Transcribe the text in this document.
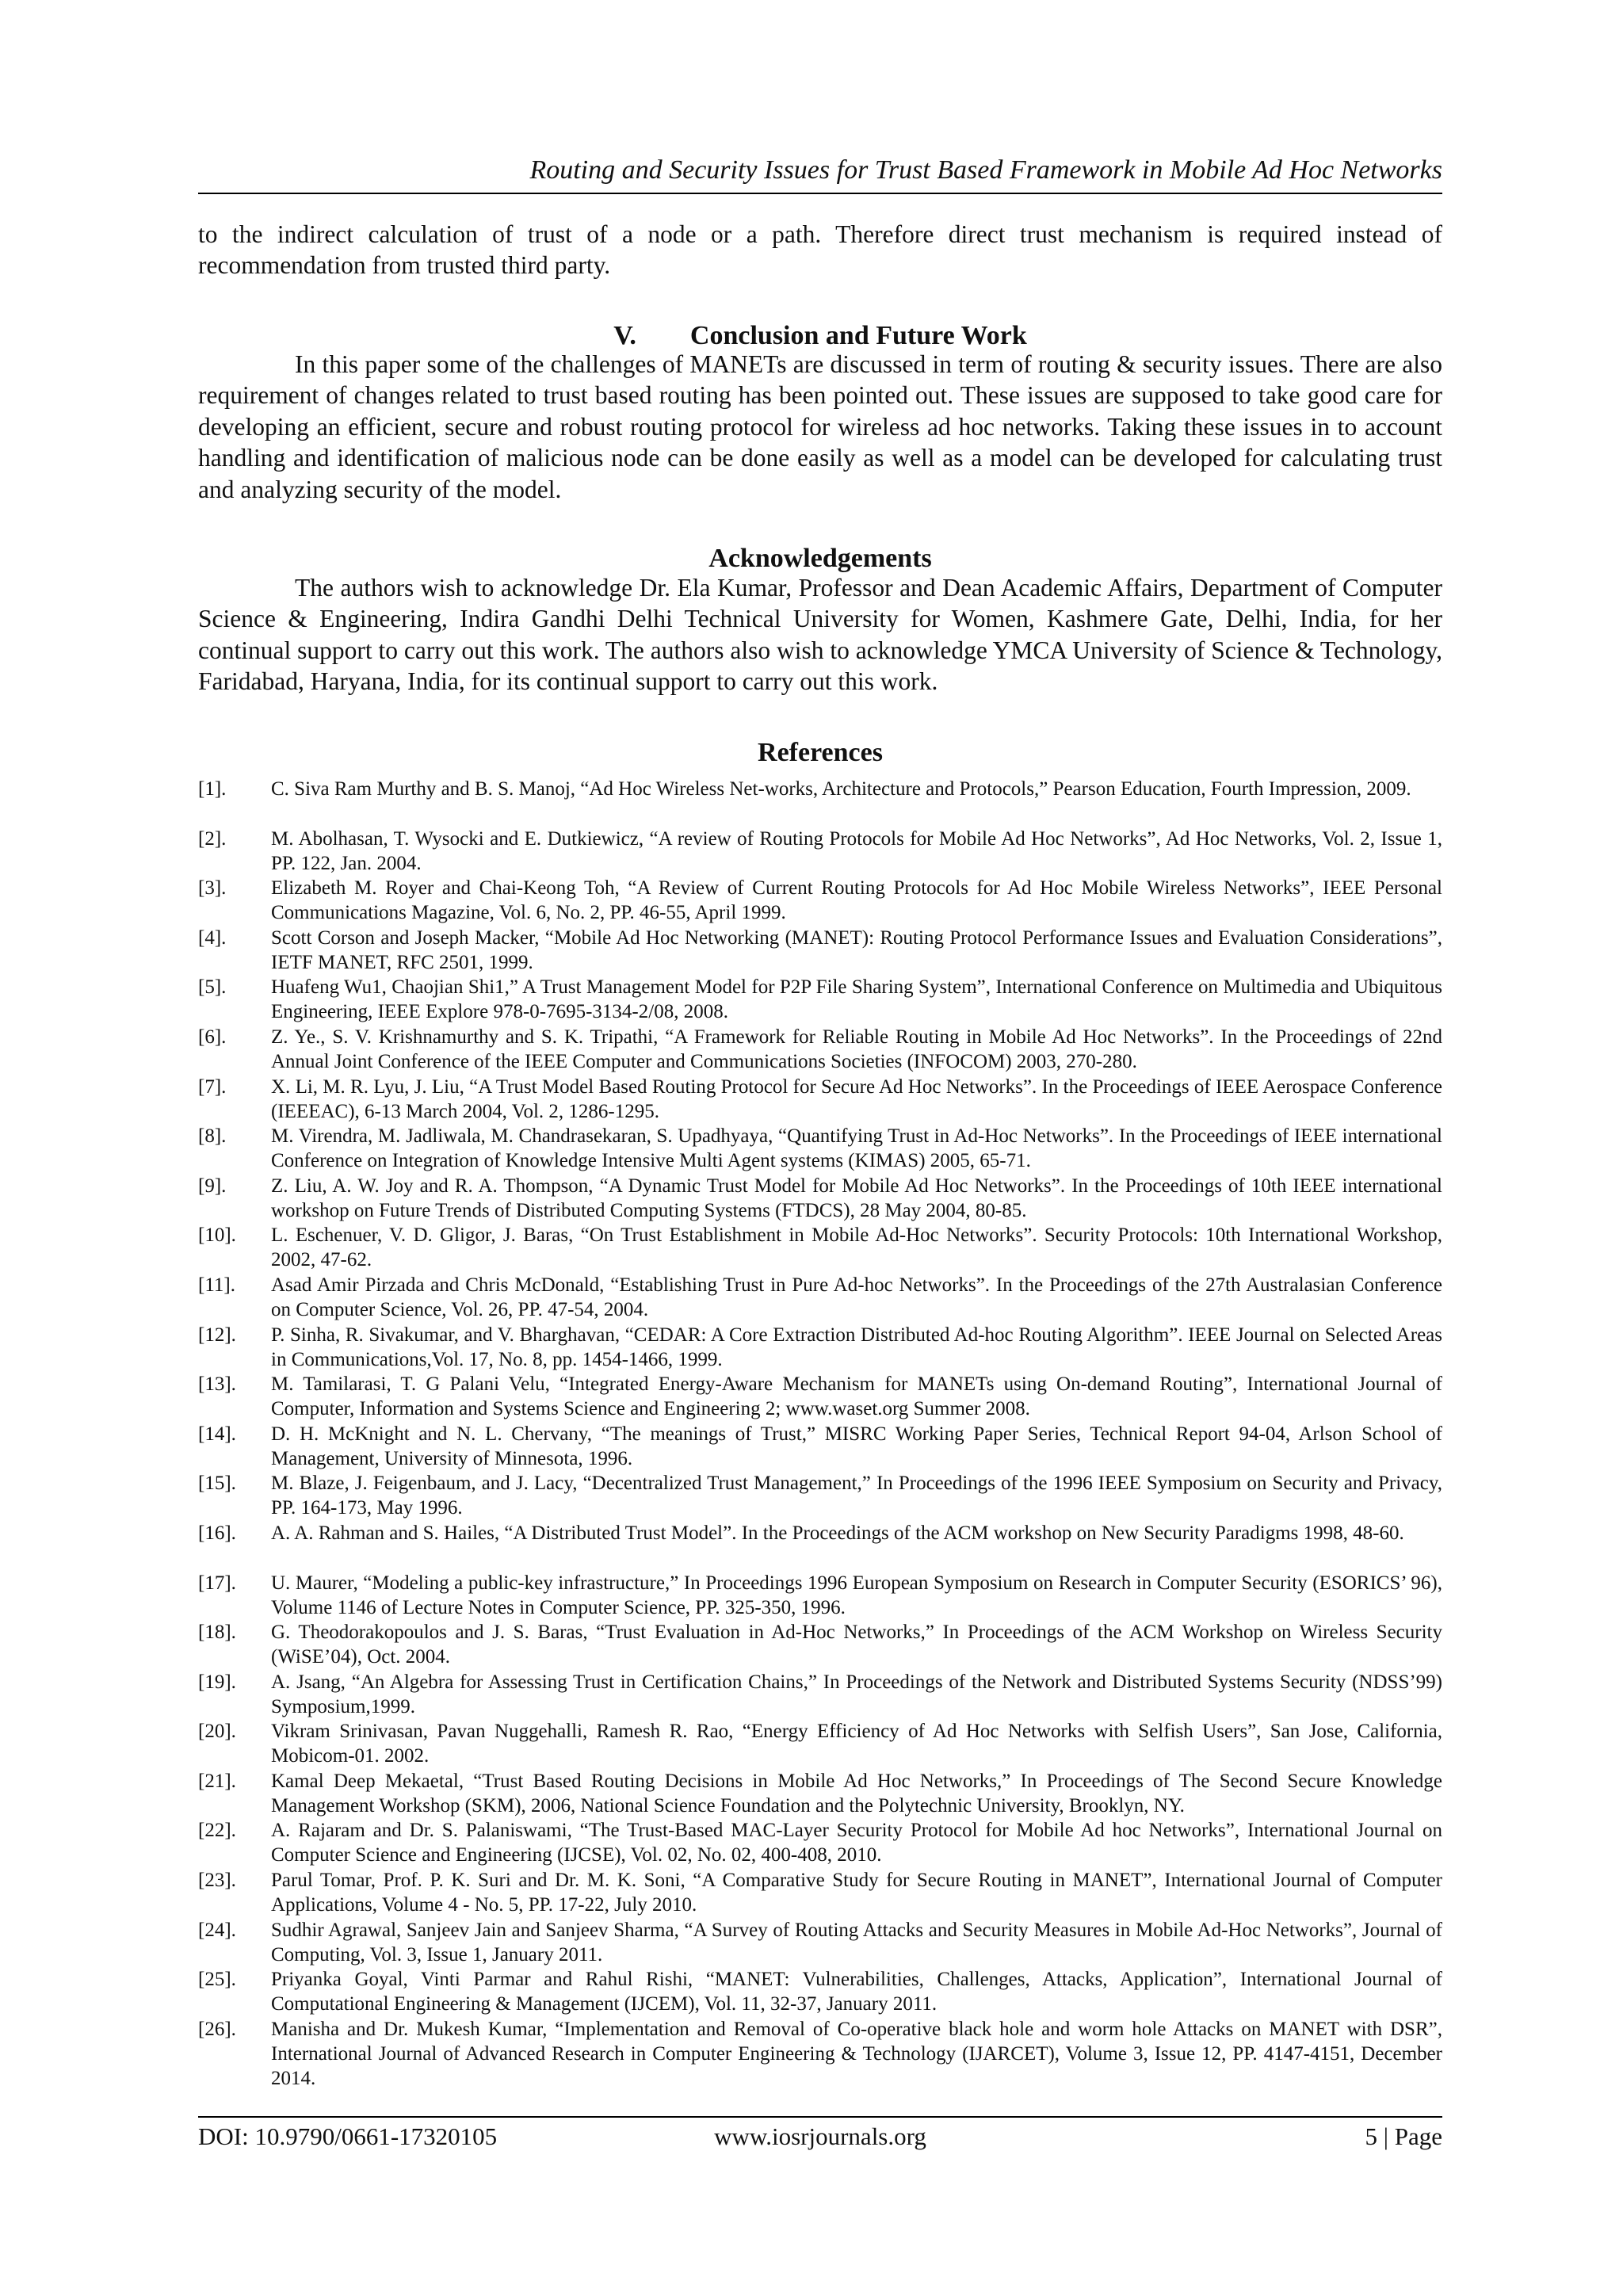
Routing and Security Issues for Trust Based Framework in Mobile Ad Hoc Networks

to the indirect calculation of trust of a node or a path. Therefore direct trust mechanism is required instead of recommendation from trusted third party.

V.  Conclusion and Future Work

In this paper some of the challenges of MANETs are discussed in term of routing & security issues. There are also requirement of changes related to trust based routing has been pointed out. These issues are supposed to take good care for developing an efficient, secure and robust routing protocol for wireless ad hoc networks. Taking these issues in to account handling and identification of malicious node can be done easily as well as a model can be developed for calculating trust and analyzing security of the model.

Acknowledgements

The authors wish to acknowledge Dr. Ela Kumar, Professor and Dean Academic Affairs, Department of Computer Science & Engineering, Indira Gandhi Delhi Technical University for Women, Kashmere Gate, Delhi, India, for her continual support to carry out this work. The authors also wish to acknowledge YMCA University of Science & Technology, Faridabad, Haryana, India, for its continual support to carry out this work.

References
[1].	C. Siva Ram Murthy and B. S. Manoj, “Ad Hoc Wireless Net-works, Architecture and Protocols,” Pearson Education, Fourth Impression, 2009.
[2].	M. Abolhasan, T. Wysocki and E. Dutkiewicz, “A review of Routing Protocols for Mobile Ad Hoc Networks”, Ad Hoc Networks, Vol. 2, Issue 1, PP. 122, Jan. 2004.
[3].	Elizabeth M. Royer and Chai-Keong Toh, “A Review of Current Routing Protocols for Ad Hoc Mobile Wireless Networks”, IEEE Personal Communications Magazine, Vol. 6, No. 2, PP. 46-55, April 1999.
[4].	Scott Corson and Joseph Macker, “Mobile Ad Hoc Networking (MANET): Routing Protocol Performance Issues and Evaluation Considerations”, IETF MANET, RFC 2501, 1999.
[5].	Huafeng Wu1, Chaojian Shi1,” A Trust Management Model for P2P File Sharing System”, International Conference on Multimedia and Ubiquitous Engineering, IEEE Explore 978-0-7695-3134-2/08, 2008.
[6].	Z. Ye., S. V. Krishnamurthy and S. K. Tripathi, “A Framework for Reliable Routing in Mobile Ad Hoc Networks”. In the Proceedings of 22nd Annual Joint Conference of the IEEE Computer and Communications Societies (INFOCOM) 2003, 270-280.
[7].	X. Li, M. R. Lyu, J. Liu, “A Trust Model Based Routing Protocol for Secure Ad Hoc Networks”. In the Proceedings of IEEE Aerospace Conference (IEEEAC), 6-13 March 2004, Vol. 2, 1286-1295.
[8].	M. Virendra, M. Jadliwala, M. Chandrasekaran, S. Upadhyaya, “Quantifying Trust in Ad-Hoc Networks”. In the Proceedings of IEEE international Conference on Integration of Knowledge Intensive Multi Agent systems (KIMAS) 2005, 65-71.
[9].	Z. Liu, A. W. Joy and R. A. Thompson, “A Dynamic Trust Model for Mobile Ad Hoc Networks”. In the Proceedings of 10th IEEE international workshop on Future Trends of Distributed Computing Systems (FTDCS), 28 May 2004, 80-85.
[10].	L. Eschenuer, V. D. Gligor, J. Baras, “On Trust Establishment in Mobile Ad-Hoc Networks”. Security Protocols: 10th International Workshop, 2002, 47-62.
[11].	Asad Amir Pirzada and Chris McDonald, “Establishing Trust in Pure Ad-hoc Networks”. In the Proceedings of the 27th Australasian Conference on Computer Science, Vol. 26, PP. 47-54, 2004.
[12].	P. Sinha, R. Sivakumar, and V. Bharghavan, “CEDAR: A Core Extraction Distributed Ad-hoc Routing Algorithm”. IEEE Journal on Selected Areas in Communications,Vol. 17, No. 8, pp. 1454-1466, 1999.
[13].	M. Tamilarasi, T. G Palani Velu, “Integrated Energy-Aware Mechanism for MANETs using On-demand Routing”, International Journal of Computer, Information and Systems Science and Engineering 2; www.waset.org Summer 2008.
[14].	D. H. McKnight and N. L. Chervany, “The meanings of Trust,” MISRC Working Paper Series, Technical Report 94-04, Arlson School of Management, University of Minnesota, 1996.
[15].	M. Blaze, J. Feigenbaum, and J. Lacy, “Decentralized Trust Management,” In Proceedings of the 1996 IEEE Symposium on Security and Privacy, PP. 164-173, May 1996.
[16].	A. A. Rahman and S. Hailes, “A Distributed Trust Model”. In the Proceedings of the ACM workshop on New Security Paradigms 1998, 48-60.
[17].	U. Maurer, “Modeling a public-key infrastructure,” In Proceedings 1996 European Symposium on Research in Computer Security (ESORICS’ 96), Volume 1146 of Lecture Notes in Computer Science, PP. 325-350, 1996.
[18].	G. Theodorakopoulos and J. S. Baras, “Trust Evaluation in Ad-Hoc Networks,” In Proceedings of the ACM Workshop on Wireless Security (WiSE’04), Oct. 2004.
[19].	A. Jsang, “An Algebra for Assessing Trust in Certification Chains,” In Proceedings of the Network and Distributed Systems Security (NDSS’99) Symposium,1999.
[20].	Vikram Srinivasan, Pavan Nuggehalli, Ramesh R. Rao, “Energy Efficiency of Ad Hoc Networks with Selfish Users”, San Jose, California, Mobicom-01. 2002.
[21].	Kamal Deep Mekaetal, “Trust Based Routing Decisions in Mobile Ad Hoc Networks,” In Proceedings of The Second Secure Knowledge Management Workshop (SKM), 2006, National Science Foundation and the Polytechnic University, Brooklyn, NY.
[22].	A. Rajaram and Dr. S. Palaniswami, “The Trust-Based MAC-Layer Security Protocol for Mobile Ad hoc Networks”, International Journal on Computer Science and Engineering (IJCSE), Vol. 02, No. 02, 400-408, 2010.
[23].	Parul Tomar, Prof. P. K. Suri and Dr. M. K. Soni, “A Comparative Study for Secure Routing in MANET”, International Journal of Computer Applications, Volume 4 - No. 5, PP. 17-22, July 2010.
[24].	Sudhir Agrawal, Sanjeev Jain and Sanjeev Sharma, “A Survey of Routing Attacks and Security Measures in Mobile Ad-Hoc Networks”, Journal of Computing, Vol. 3, Issue 1, January 2011.
[25].	Priyanka Goyal, Vinti Parmar and Rahul Rishi, “MANET: Vulnerabilities, Challenges, Attacks, Application”, International Journal of Computational Engineering & Management (IJCEM), Vol. 11, 32-37, January 2011.
[26].	Manisha and Dr. Mukesh Kumar, “Implementation and Removal of Co-operative black hole and worm hole Attacks on MANET with DSR”, International Journal of Advanced Research in Computer Engineering & Technology (IJARCET), Volume 3, Issue 12, PP. 4147-4151, December 2014.
DOI: 10.9790/0661-17320105	www.iosrjournals.org	5 | Page
